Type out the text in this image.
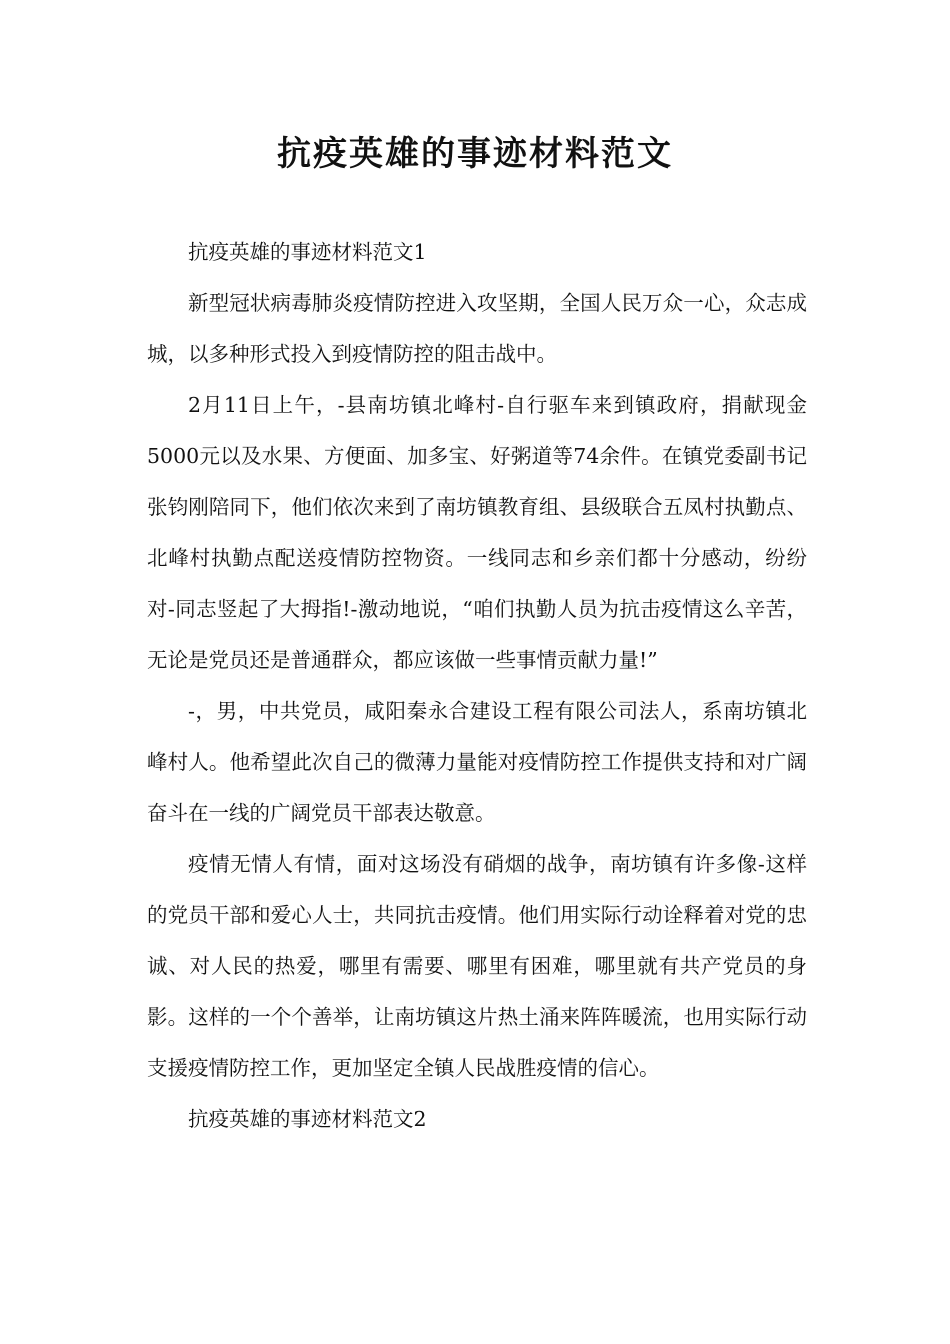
抗疫英雄的事迹材料范文

抗疫英雄的事迹材料范文1

新型冠状病毒肺炎疫情防控进入攻坚期，全国人民万众一心，众志成城，以多种形式投入到疫情防控的阻击战中。

2月11日上午，-县南坊镇北峰村-自行驱车来到镇政府，捐献现金5000元以及水果、方便面、加多宝、好粥道等74余件。在镇党委副书记张钧刚陪同下，他们依次来到了南坊镇教育组、县级联合五凤村执勤点、北峰村执勤点配送疫情防控物资。一线同志和乡亲们都十分感动，纷纷对-同志竖起了大拇指!-激动地说，“咱们执勤人员为抗击疫情这么辛苦，无论是党员还是普通群众，都应该做一些事情贡献力量!”

-，男，中共党员，咸阳秦永合建设工程有限公司法人，系南坊镇北峰村人。他希望此次自己的微薄力量能对疫情防控工作提供支持和对广阔奋斗在一线的广阔党员干部表达敬意。

疫情无情人有情，面对这场没有硝烟的战争，南坊镇有许多像-这样的党员干部和爱心人士，共同抗击疫情。他们用实际行动诠释着对党的忠诚、对人民的热爱，哪里有需要、哪里有困难，哪里就有共产党员的身影。这样的一个个善举，让南坊镇这片热土涌来阵阵暖流，也用实际行动支援疫情防控工作，更加坚定全镇人民战胜疫情的信心。

抗疫英雄的事迹材料范文2
